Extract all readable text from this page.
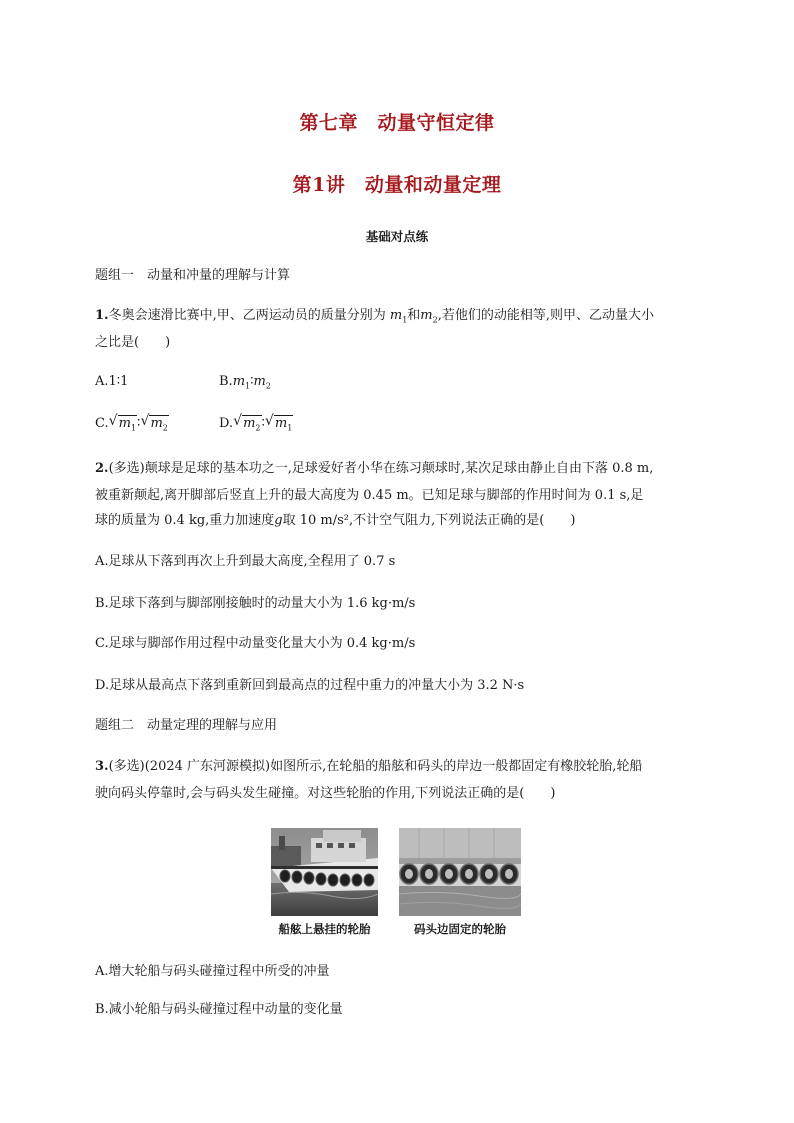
第七章　动量守恒定律
第1讲　动量和动量定理
基础对点练
题组一　动量和冲量的理解与计算
1.冬奥会速滑比赛中,甲、乙两运动员的质量分别为 $m_1$和$m_2$,若他们的动能相等,则甲、乙动量大小
之比是(　　)
A.1∶1	$B.m_1∶m_2$
C. √ $m_1∶$ √ $m_2$	D. √ $m_2∶$ √ $m_1$
2.(多选)颠球是足球的基本功之一,足球爱好者小华在练习颠球时,某次足球由静止自由下落 0.8 m,
被重新颠起,离开脚部后竖直上升的最大高度为 0.45 m。已知足球与脚部的作用时间为 0.1 s,足
球的质量为 0.4 kg,重力加速度g取 10 m/s²,不计空气阻力,下列说法正确的是(　　)
A.足球从下落到再次上升到最大高度,全程用了 0.7 s
B.足球下落到与脚部刚接触时的动量大小为 1.6 kg·m/s
C.足球与脚部作用过程中动量变化量大小为 0.4 kg·m/s
D.足球从最高点下落到重新回到最高点的过程中重力的冲量大小为 3.2 N·s
题组二　动量定理的理解与应用
3.(多选)(2024 广东河源模拟)如图所示,在轮船的船舷和码头的岸边一般都固定有橡胶轮胎,轮船
驶向码头停靠时,会与码头发生碰撞。对这些轮胎的作用,下列说法正确的是(　　)
船舷上悬挂的轮胎	码头边固定的轮胎
A.增大轮船与码头碰撞过程中所受的冲量
B.减小轮船与码头碰撞过程中动量的变化量
